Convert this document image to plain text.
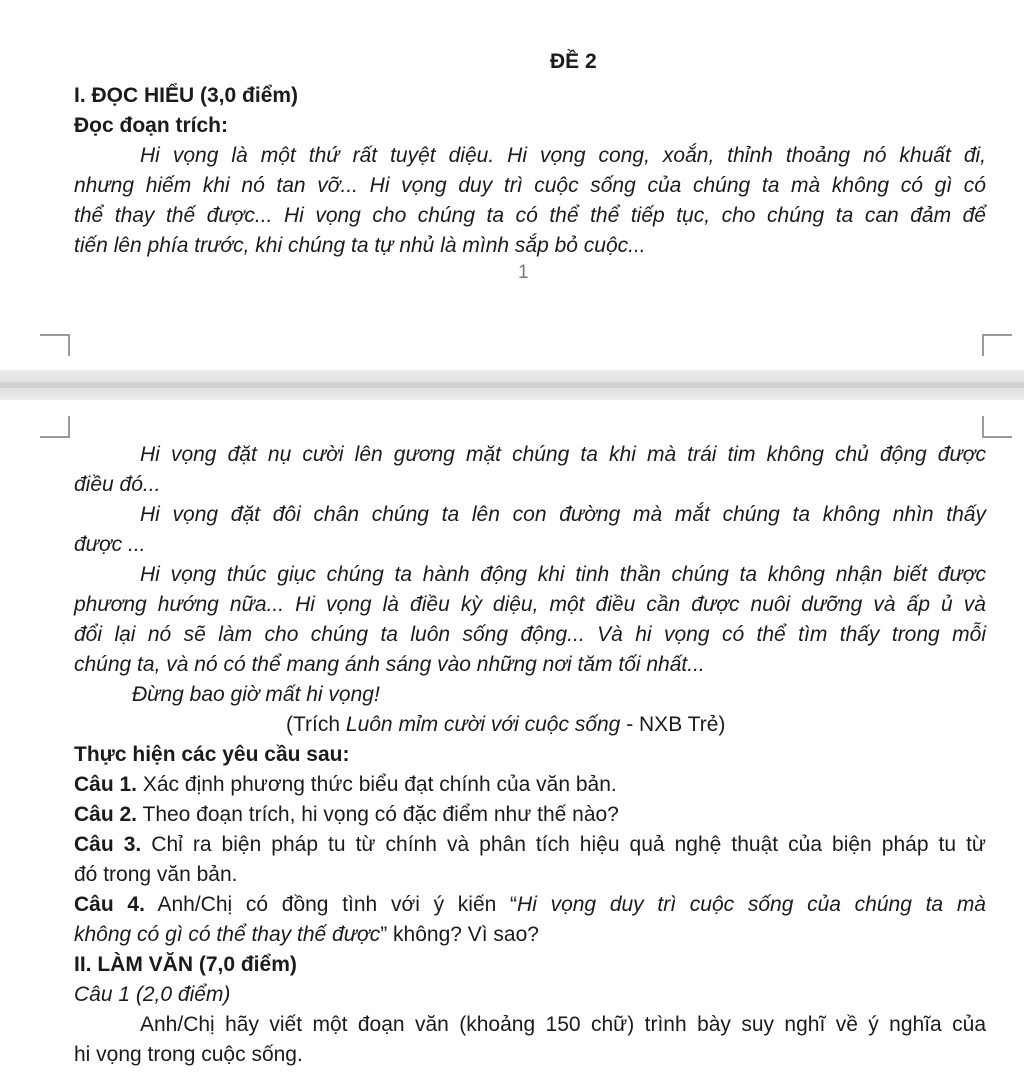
ĐỀ 2
I. ĐỌC HIỂU (3,0 điểm)
Đọc đoạn trích:
Hi vọng là một thứ rất tuyệt diệu. Hi vọng cong, xoắn, thỉnh thoảng nó khuất đi,
nhưng hiếm khi nó tan vỡ... Hi vọng duy trì cuộc sống của chúng ta mà không có gì có
thể thay thế được... Hi vọng cho chúng ta có thể thể tiếp tục, cho chúng ta can đảm để
tiến lên phía trước, khi chúng ta tự nhủ là mình sắp bỏ cuộc...
1
Hi vọng đặt nụ cười lên gương mặt chúng ta khi mà trái tim không chủ động được
điều đó...
Hi vọng đặt đôi chân chúng ta lên con đường mà mắt chúng ta không nhìn thấy
được ...
Hi vọng thúc giục chúng ta hành động khi tinh thần chúng ta không nhận biết được
phương hướng nữa... Hi vọng là điều kỳ diệu, một điều cần được nuôi dưỡng và ấp ủ và
đổi lại nó sẽ làm cho chúng ta luôn sống động... Và hi vọng có thể tìm thấy trong mỗi
chúng ta, và nó có thể mang ánh sáng vào những nơi tăm tối nhất...
Đừng bao giờ mất hi vọng!
(Trích Luôn mỉm cười với cuộc sống - NXB Trẻ)
Thực hiện các yêu cầu sau:
Câu 1. Xác định phương thức biểu đạt chính của văn bản.
Câu 2. Theo đoạn trích, hi vọng có đặc điểm như thế nào?
Câu 3. Chỉ ra biện pháp tu từ chính và phân tích hiệu quả nghệ thuật của biện pháp tu từ
đó trong văn bản.
Câu 4. Anh/Chị có đồng tình với ý kiến “Hi vọng duy trì cuộc sống của chúng ta mà
không có gì có thể thay thế được” không? Vì sao?
II. LÀM VĂN (7,0 điểm)
Câu 1 (2,0 điểm)
Anh/Chị hãy viết một đoạn văn (khoảng 150 chữ) trình bày suy nghĩ về ý nghĩa của
hi vọng trong cuộc sống.
